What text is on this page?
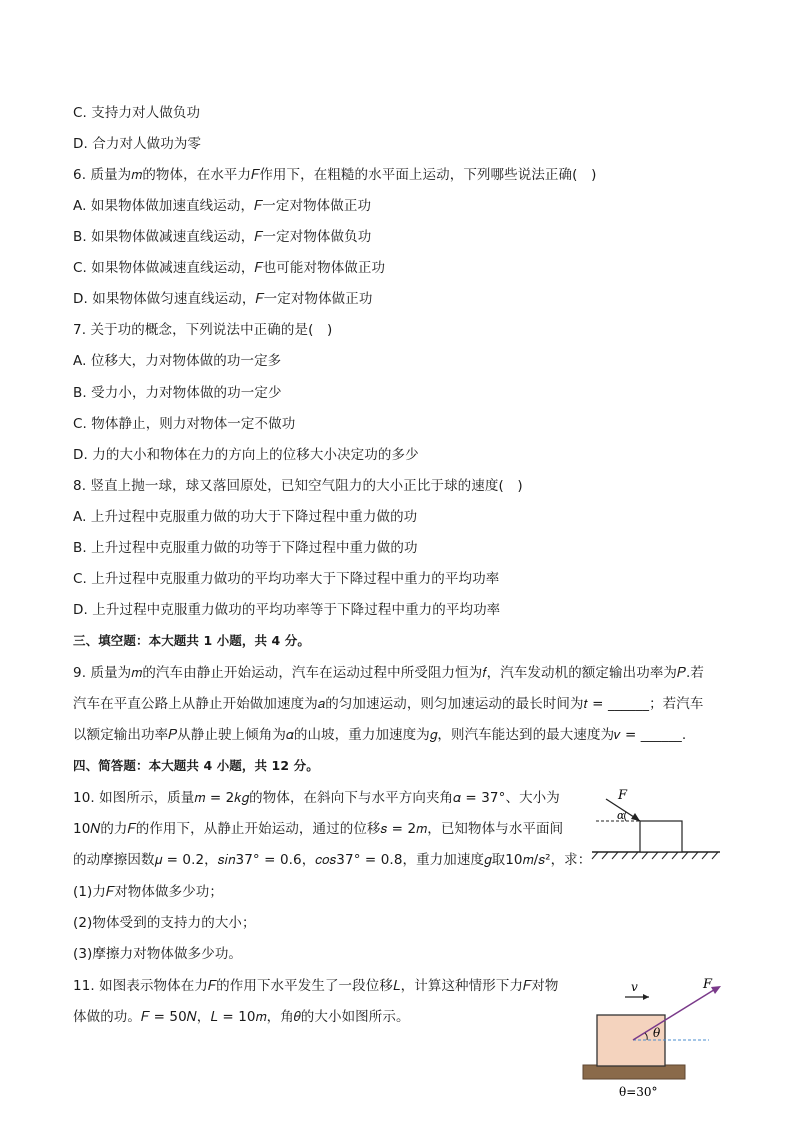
C. 支持力对人做负功
D. 合力对人做功为零
6. 质量为𝑚的物体，在水平力𝐹作用下，在粗糙的水平面上运动，下列哪些说法正确(　)
A. 如果物体做加速直线运动，𝐹一定对物体做正功
B. 如果物体做减速直线运动，𝐹一定对物体做负功
C. 如果物体做减速直线运动，𝐹也可能对物体做正功
D. 如果物体做匀速直线运动，𝐹一定对物体做正功
7. 关于功的概念，下列说法中正确的是(　)
A. 位移大，力对物体做的功一定多
B. 受力小，力对物体做的功一定少
C. 物体静止，则力对物体一定不做功
D. 力的大小和物体在力的方向上的位移大小决定功的多少
8. 竖直上抛一球，球又落回原处，已知空气阻力的大小正比于球的速度(　)
A. 上升过程中克服重力做的功大于下降过程中重力做的功
B. 上升过程中克服重力做的功等于下降过程中重力做的功
C. 上升过程中克服重力做功的平均功率大于下降过程中重力的平均功率
D. 上升过程中克服重力做功的平均功率等于下降过程中重力的平均功率
三、填空题：本大题共 1 小题，共 4 分。
9. 质量为𝑚的汽车由静止开始运动，汽车在运动过程中所受阻力恒为𝑓，汽车发动机的额定输出功率为𝑃.若
汽车在平直公路上从静止开始做加速度为𝑎的匀加速运动，则匀加速运动的最长时间为𝑡 = ______；若汽车
以额定输出功率𝑃从静止驶上倾角为𝛼的山坡，重力加速度为𝑔，则汽车能达到的最大速度为𝑣 = ______.
四、简答题：本大题共 4 小题，共 12 分。
10. 如图所示，质量𝑚 = 2𝑘𝑔的物体，在斜向下与水平方向夹角𝛼 = 37°、大小为
10𝑁的力𝐹的作用下，从静止开始运动，通过的位移𝑠 = 2𝑚，已知物体与水平面间
的动摩擦因数𝜇 = 0.2，𝑠𝑖𝑛37° = 0.6，𝑐𝑜𝑠37° = 0.8，重力加速度𝑔取10𝑚/𝑠²，求：
(1)力𝐹对物体做多少功；
(2)物体受到的支持力的大小；
(3)摩擦力对物体做多少功。
11. 如图表示物体在力𝐹的作用下水平发生了一段位移𝐿，计算这种情形下力𝐹对物
体做的功。𝐹 = 50𝑁，𝐿 = 10𝑚，角𝜃的大小如图所示。
F
α
v	F
θ
θ=30°
